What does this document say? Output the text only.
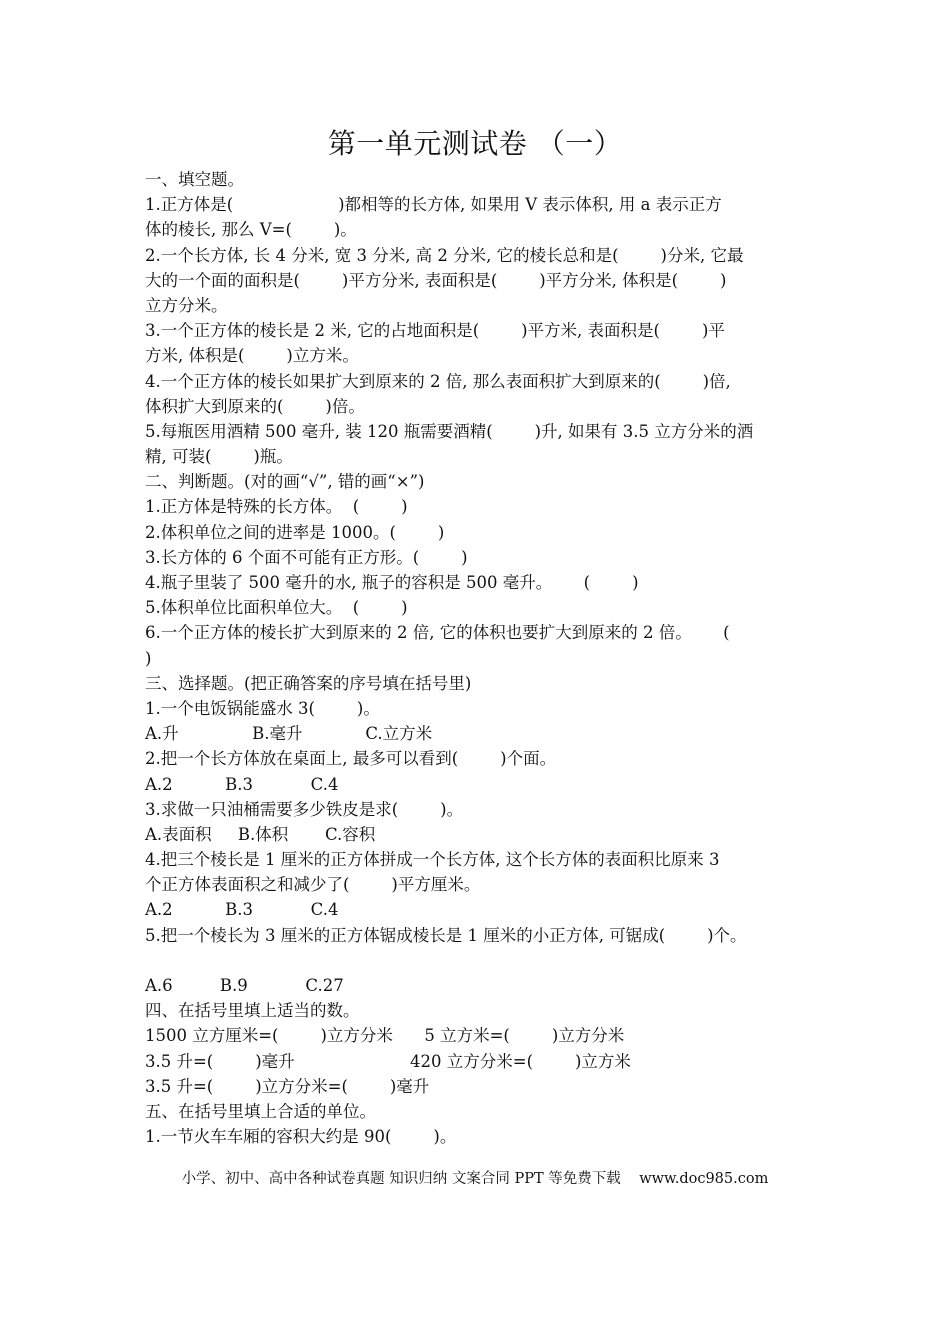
第一单元测试卷 （一）
一、填空题。
1.正方体是(                    )都相等的长方体, 如果用 V 表示体积, 用 a 表示正方
体的棱长, 那么 V=(        )。
2.一个长方体, 长 4 分米, 宽 3 分米, 高 2 分米, 它的棱长总和是(        )分米, 它最
大的一个面的面积是(        )平方分米, 表面积是(        )平方分米, 体积是(        )
立方分米。
3.一个正方体的棱长是 2 米, 它的占地面积是(        )平方米, 表面积是(        )平
方米, 体积是(        )立方米。
4.一个正方体的棱长如果扩大到原来的 2 倍, 那么表面积扩大到原来的(        )倍,
体积扩大到原来的(        )倍。
5.每瓶医用酒精 500 毫升, 装 120 瓶需要酒精(        )升, 如果有 3.5 立方分米的酒
精, 可装(        )瓶。
二、判断题。(对的画“√”, 错的画“×”)
1.正方体是特殊的长方体。  (        )
2.体积单位之间的进率是 1000。(        )
3.长方体的 6 个面不可能有正方形。(        )
4.瓶子里装了 500 毫升的水, 瓶子的容积是 500 毫升。      (        )
5.体积单位比面积单位大。  (        )
6.一个正方体的棱长扩大到原来的 2 倍, 它的体积也要扩大到原来的 2 倍。      (
)
三、选择题。(把正确答案的序号填在括号里)
1.一个电饭锅能盛水 3(        )。
A.升              B.毫升            C.立方米
2.把一个长方体放在桌面上, 最多可以看到(        )个面。
A.2          B.3           C.4
3.求做一只油桶需要多少铁皮是求(        )。
A.表面积     B.体积       C.容积
4.把三个棱长是 1 厘米的正方体拼成一个长方体, 这个长方体的表面积比原来 3
个正方体表面积之和减少了(        )平方厘米。
A.2          B.3           C.4
5.把一个棱长为 3 厘米的正方体锯成棱长是 1 厘米的小正方体, 可锯成(        )个。
A.6         B.9           C.27
四、在括号里填上适当的数。
1500 立方厘米=(        )立方分米      5 立方米=(        )立方分米
3.5 升=(        )毫升                      420 立方分米=(        )立方米
3.5 升=(        )立方分米=(        )毫升
五、在括号里填上合适的单位。
1.一节火车车厢的容积大约是 90(        )。
小学、初中、高中各种试卷真题 知识归纳 文案合同 PPT 等免费下载    www.doc985.com
